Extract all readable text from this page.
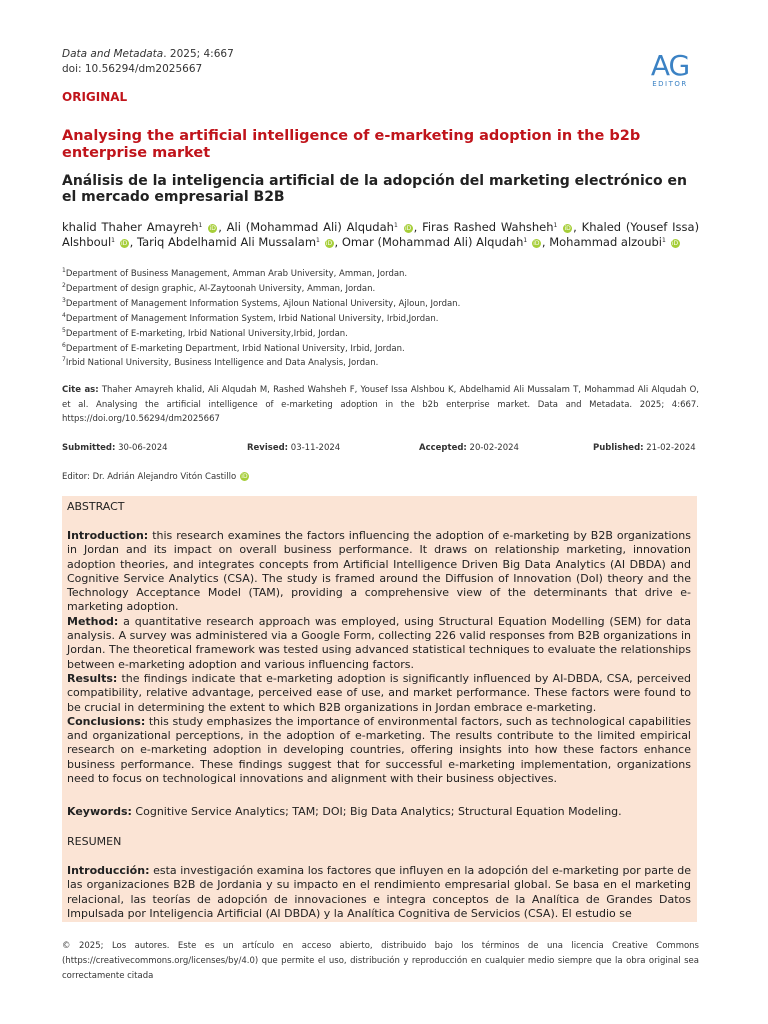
Data and Metadata. 2025; 4:667
doi: 10.56294/dm2025667	AG
EDITOR
ORIGINAL
Analysing the artificial intelligence of e-marketing adoption in the b2b enterprise market
Análisis de la inteligencia artificial de la adopción del marketing electrónico en el mercado empresarial B2B
khalid Thaher Amayreh$^1$ iD , Ali (Mohammad Ali) Alqudah$^1$ iD , Firas Rashed Wahsheh$^1$ iD , Khaled (Yousef Issa) Alshboul$^1$ iD , Tariq Abdelhamid Ali Mussalam$^1$ iD , Omar (Mohammad Ali) Alqudah$^1$ iD , Mohammad alzoubi$^1$ iD
$^1$Department of Business Management, Amman Arab University, Amman, Jordan.
$^2$Department of design graphic, Al-Zaytoonah University, Amman, Jordan.
$^3$Department of Management Information Systems, Ajloun National University, Ajloun, Jordan.
$^4$Department of Management Information System, Irbid National University, Irbid,Jordan.
$^5$Department of E-marketing, Irbid National University,Irbid, Jordan.
$^6$Department of E-marketing Department, Irbid National University, Irbid, Jordan.
$^7$Irbid National University, Business Intelligence and Data Analysis, Jordan.
Cite as: Thaher Amayreh khalid, Ali Alqudah M, Rashed Wahsheh F, Yousef Issa Alshbou K, Abdelhamid Ali Mussalam T, Mohammad Ali Alqudah O, et al. Analysing the artificial intelligence of e-marketing adoption in the b2b enterprise market. Data and Metadata. 2025; 4:667. https://doi.org/10.56294/dm2025667
Submitted: 30-06-2024	Revised: 03-11-2024	Accepted: 20-02-2024	Published: 21-02-2024
Editor: Dr. Adrián Alejandro Vitón Castillo iD
ABSTRACT
Introduction: this research examines the factors influencing the adoption of e-marketing by B2B organizations in Jordan and its impact on overall business performance. It draws on relationship marketing, innovation adoption theories, and integrates concepts from Artificial Intelligence Driven Big Data Analytics (AI DBDA) and Cognitive Service Analytics (CSA). The study is framed around the Diffusion of Innovation (DoI) theory and the Technology Acceptance Model (TAM), providing a comprehensive view of the determinants that drive e-marketing adoption.
Method: a quantitative research approach was employed, using Structural Equation Modelling (SEM) for data analysis. A survey was administered via a Google Form, collecting 226 valid responses from B2B organizations in Jordan. The theoretical framework was tested using advanced statistical techniques to evaluate the relationships between e-marketing adoption and various influencing factors.
Results: the findings indicate that e-marketing adoption is significantly influenced by AI-DBDA, CSA, perceived compatibility, relative advantage, perceived ease of use, and market performance. These factors were found to be crucial in determining the extent to which B2B organizations in Jordan embrace e-marketing.
Conclusions: this study emphasizes the importance of environmental factors, such as technological capabilities and organizational perceptions, in the adoption of e-marketing. The results contribute to the limited empirical research on e-marketing adoption in developing countries, offering insights into how these factors enhance business performance. These findings suggest that for successful e-marketing implementation, organizations need to focus on technological innovations and alignment with their business objectives.
Keywords: Cognitive Service Analytics; TAM; DOI; Big Data Analytics; Structural Equation Modeling.
RESUMEN
Introducción: esta investigación examina los factores que influyen en la adopción del e-marketing por parte de las organizaciones B2B de Jordania y su impacto en el rendimiento empresarial global. Se basa en el marketing relacional, las teorías de adopción de innovaciones e integra conceptos de la Analítica de Grandes Datos Impulsada por Inteligencia Artificial (AI DBDA) y la Analítica Cognitiva de Servicios (CSA). El estudio se
© 2025; Los autores. Este es un artículo en acceso abierto, distribuido bajo los términos de una licencia Creative Commons (https://creativecommons.org/licenses/by/4.0) que permite el uso, distribución y reproducción en cualquier medio siempre que la obra original sea correctamente citada
